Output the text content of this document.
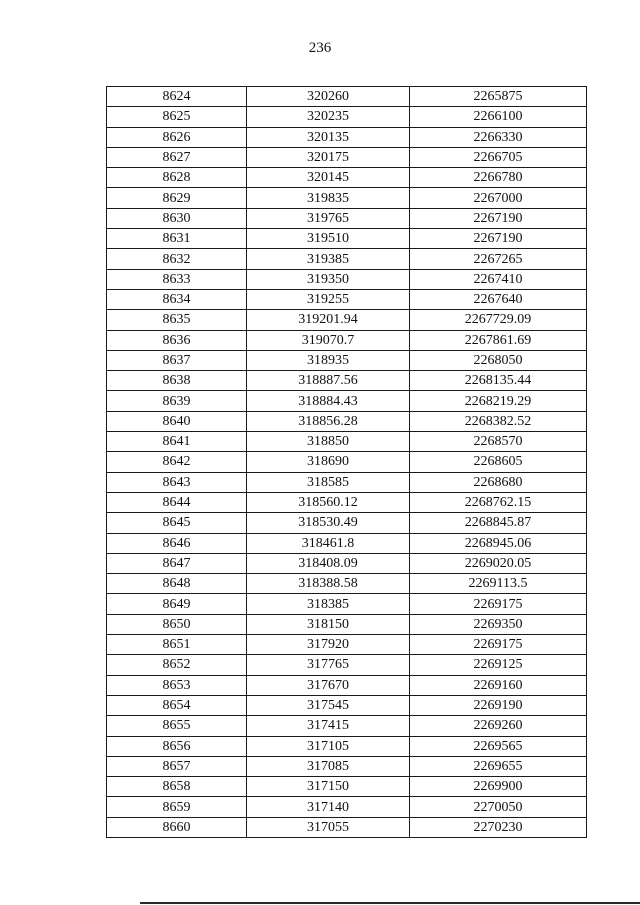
236
8624	320260	2265875
8625	320235	2266100
8626	320135	2266330
8627	320175	2266705
8628	320145	2266780
8629	319835	2267000
8630	319765	2267190
8631	319510	2267190
8632	319385	2267265
8633	319350	2267410
8634	319255	2267640
8635	319201.94	2267729.09
8636	319070.7	2267861.69
8637	318935	2268050
8638	318887.56	2268135.44
8639	318884.43	2268219.29
8640	318856.28	2268382.52
8641	318850	2268570
8642	318690	2268605
8643	318585	2268680
8644	318560.12	2268762.15
8645	318530.49	2268845.87
8646	318461.8	2268945.06
8647	318408.09	2269020.05
8648	318388.58	2269113.5
8649	318385	2269175
8650	318150	2269350
8651	317920	2269175
8652	317765	2269125
8653	317670	2269160
8654	317545	2269190
8655	317415	2269260
8656	317105	2269565
8657	317085	2269655
8658	317150	2269900
8659	317140	2270050
8660	317055	2270230
